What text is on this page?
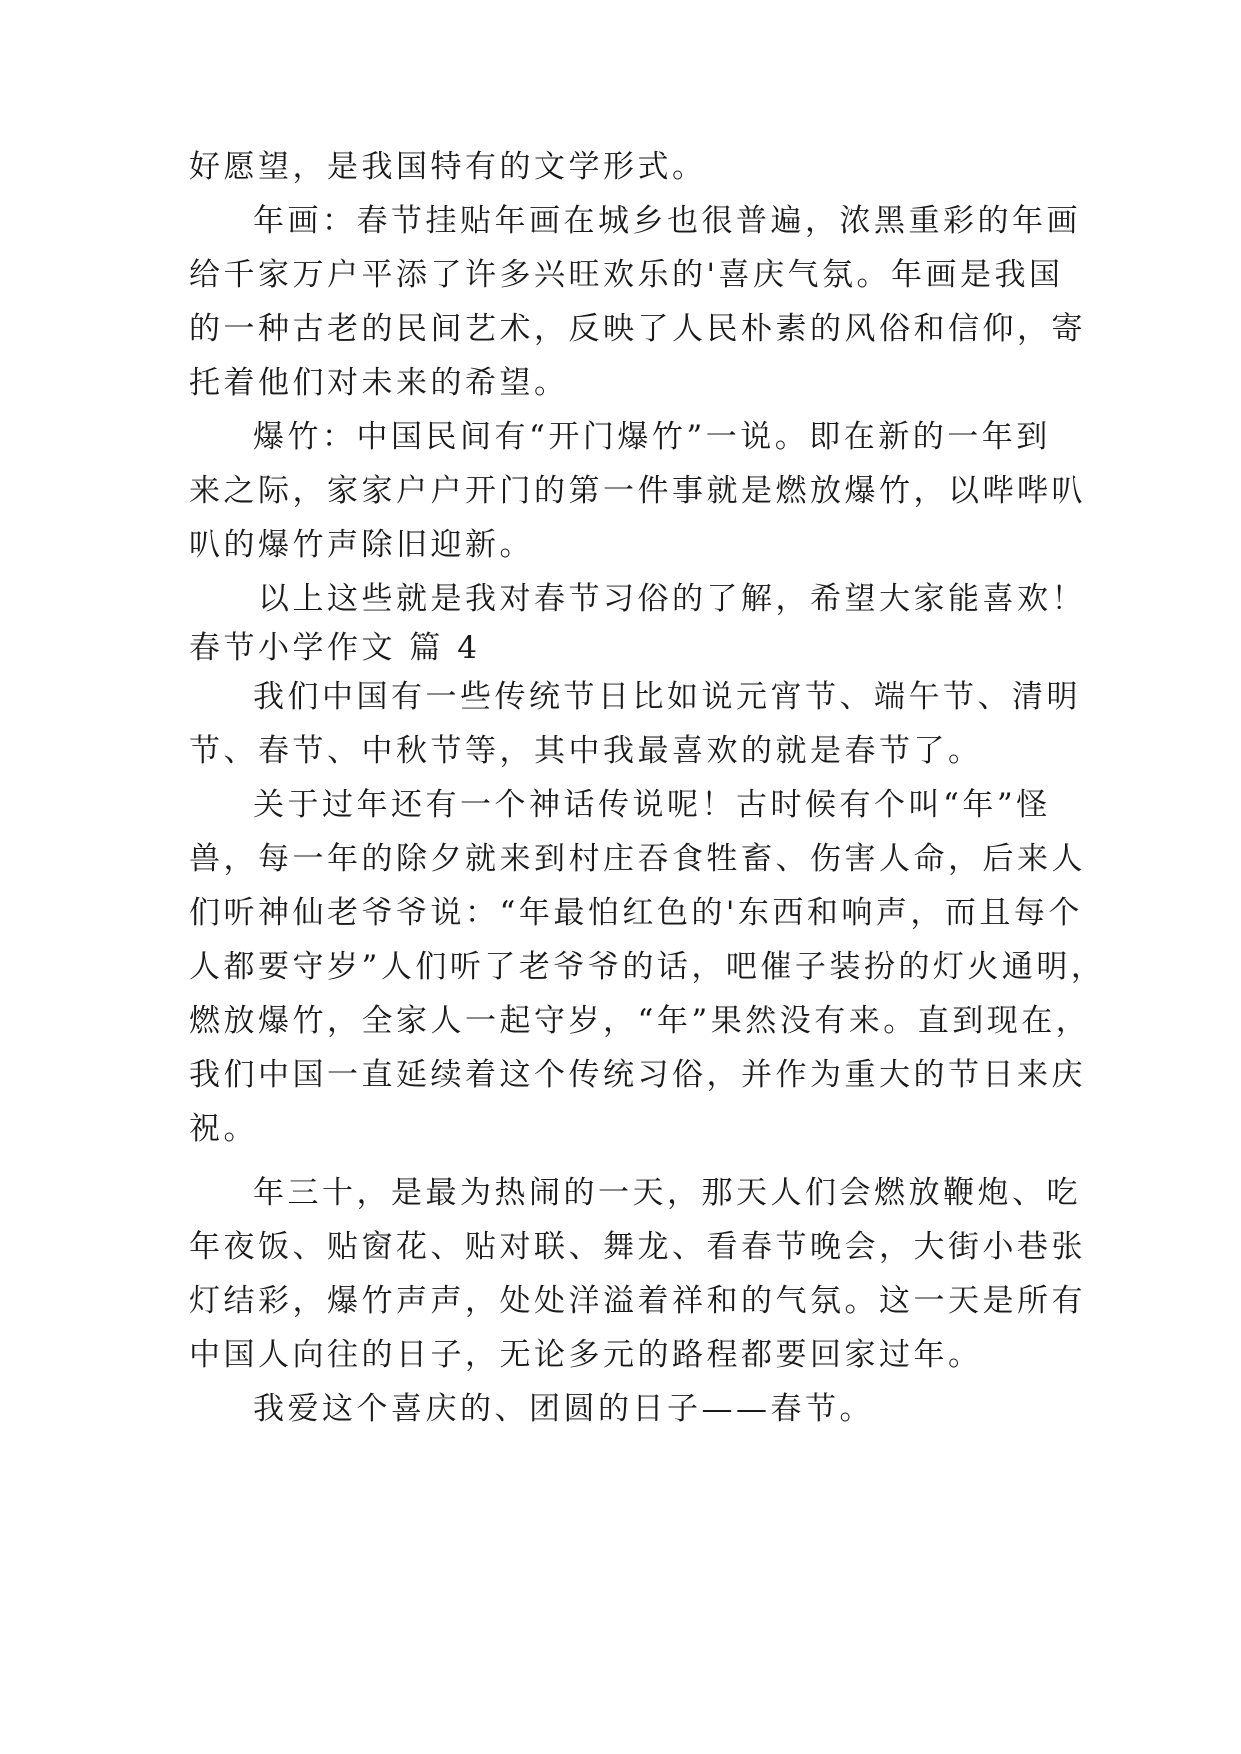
好愿望，是我国特有的文学形式。
年画：春节挂贴年画在城乡也很普遍，浓黑重彩的年画
给千家万户平添了许多兴旺欢乐的'喜庆气氛。年画是我国
的一种古老的民间艺术，反映了人民朴素的风俗和信仰，寄
托着他们对未来的希望。
爆竹：中国民间有“开门爆竹”一说。即在新的一年到
来之际，家家户户开门的第一件事就是燃放爆竹，以哔哔叭
叭的爆竹声除旧迎新。
以上这些就是我对春节习俗的了解，希望大家能喜欢！
春节小学作文 篇 4
我们中国有一些传统节日比如说元宵节、端午节、清明
节、春节、中秋节等，其中我最喜欢的就是春节了。
关于过年还有一个神话传说呢！古时候有个叫“年”怪
兽，每一年的除夕就来到村庄吞食牲畜、伤害人命，后来人
们听神仙老爷爷说：“年最怕红色的'东西和响声，而且每个
人都要守岁”人们听了老爷爷的话，吧催子装扮的灯火通明，
燃放爆竹，全家人一起守岁，“年”果然没有来。直到现在，
我们中国一直延续着这个传统习俗，并作为重大的节日来庆
祝。
年三十，是最为热闹的一天，那天人们会燃放鞭炮、吃
年夜饭、贴窗花、贴对联、舞龙、看春节晚会，大街小巷张
灯结彩，爆竹声声，处处洋溢着祥和的气氛。这一天是所有
中国人向往的日子，无论多元的路程都要回家过年。
我爱这个喜庆的、团圆的日子——春节。
